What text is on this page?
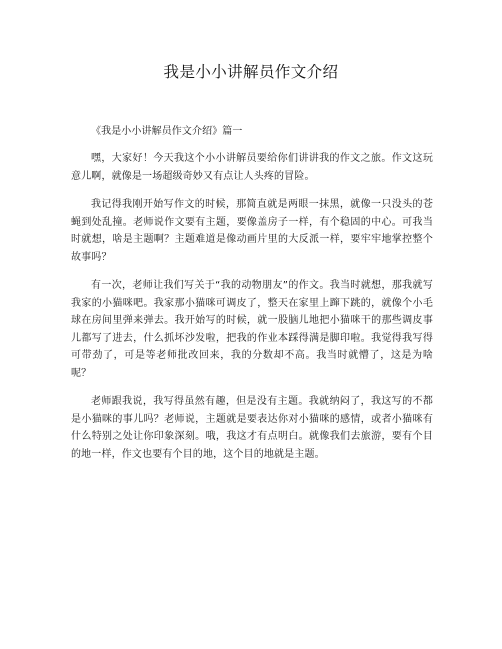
我是小小讲解员作文介绍

《我是小小讲解员作文介绍》篇一

嘿，大家好！今天我这个小小讲解员要给你们讲讲我的作文之旅。作文这玩意儿啊，就像是一场超级奇妙又有点让人头疼的冒险。

我记得我刚开始写作文的时候，那简直就是两眼一抹黑，就像一只没头的苍蝇到处乱撞。老师说作文要有主题，要像盖房子一样，有个稳固的中心。可我当时就想，啥是主题啊？主题难道是像动画片里的大反派一样，要牢牢地掌控整个故事吗？

有一次，老师让我们写关于“我的动物朋友”的作文。我当时就想，那我就写我家的小猫咪吧。我家那小猫咪可调皮了，整天在家里上蹿下跳的，就像个小毛球在房间里弹来弹去。我开始写的时候，就一股脑儿地把小猫咪干的那些调皮事儿都写了进去，什么抓坏沙发啦，把我的作业本踩得满是脚印啦。我觉得我写得可带劲了，可是等老师批改回来，我的分数却不高。我当时就懵了，这是为啥呢？

老师跟我说，我写得虽然有趣，但是没有主题。我就纳闷了，我这写的不都是小猫咪的事儿吗？老师说，主题就是要表达你对小猫咪的感情，或者小猫咪有什么特别之处让你印象深刻。哦，我这才有点明白。就像我们去旅游，要有个目的地一样，作文也要有个目的地，这个目的地就是主题。
